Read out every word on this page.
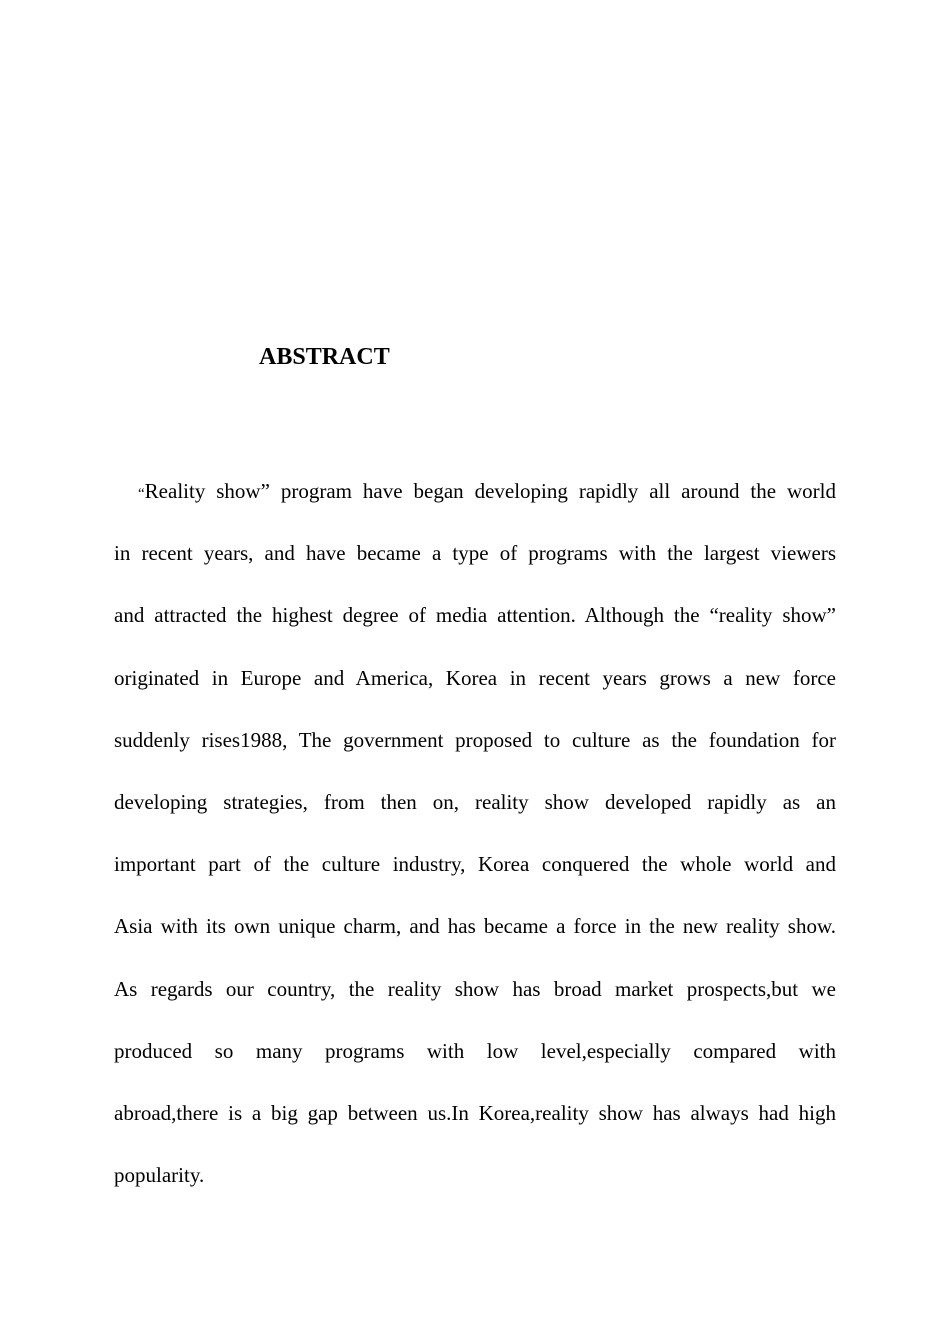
ABSTRACT
“Reality show” program have began developing rapidly all around the world
in recent years, and have became a type of programs with the largest viewers
and attracted the highest degree of media attention. Although the “reality show”
originated in Europe and America, Korea in recent years grows a new force
suddenly rises1988, The government proposed to culture as the foundation for
developing strategies, from then on, reality show developed rapidly as an
important part of the culture industry, Korea conquered the whole world and
Asia with its own unique charm, and has became a force in the new reality show.
As regards our country, the reality show has broad market prospects,but we
produced so many programs with low level,especially compared with
abroad,there is a big gap between us.In Korea,reality show has always had high
popularity.
